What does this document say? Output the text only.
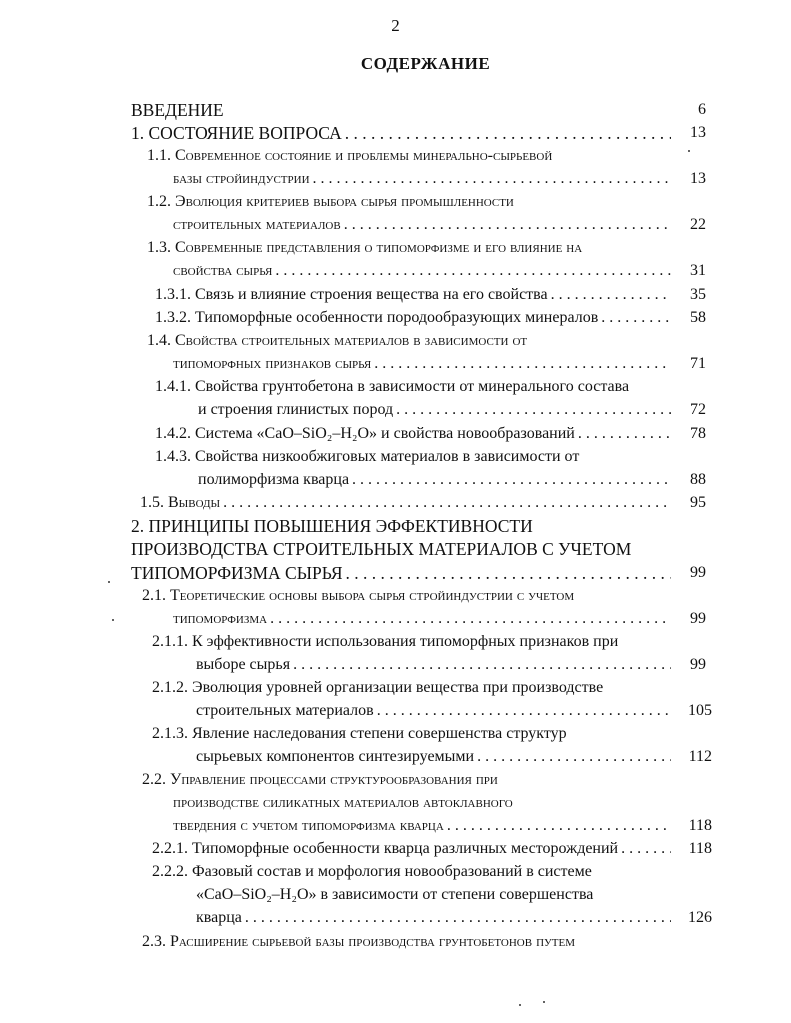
2
СОДЕРЖАНИЕ
ВВЕДЕНИЕ	6
1. СОСТОЯНИЕ ВОПРОСА . . .	13
1.1. Современное состояние и проблемы минерально-сырьевой
базы стройиндустрии . . .	13
1.2. Эволюция критериев выбора сырья промышленности
строительных материалов . . .	22
1.3. Современные представления о типоморфизме и его влияние на
свойства сырья . . .	31
1.3.1. Связь и влияние строения вещества на его свойства . . .	35
1.3.2. Типоморфные особенности породообразующих минералов . . .	58
1.4. Свойства строительных материалов в зависимости от
типоморфных признаков сырья . . .	71
1.4.1. Свойства грунтобетона в зависимости от минерального состава
и строения глинистых пород . . .	72
1.4.2. Система «CaO–SiO₂–H₂O» и свойства новообразований . . .	78
1.4.3. Свойства низкообжиговых материалов в зависимости от
полиморфизма кварца . . .	88
1.5. Выводы . . .	95
2. ПРИНЦИПЫ ПОВЫШЕНИЯ ЭФФЕКТИВНОСТИ
ПРОИЗВОДСТВА СТРОИТЕЛЬНЫХ МАТЕРИАЛОВ С УЧЕТОМ
ТИПОМОРФИЗМА СЫРЬЯ . . .	99
2.1. Теоретические основы выбора сырья стройиндустрии с учетом
типоморфизма . . .	99
2.1.1. К эффективности использования типоморфных признаков при
выборе сырья . . .	99
2.1.2. Эволюция уровней организации вещества при производстве
строительных материалов . . .	105
2.1.3. Явление наследования степени совершенства структур
сырьевых компонентов синтезируемыми . . .	112
2.2. Управление процессами структурообразования при
производстве силикатных материалов автоклавного
твердения с учетом типоморфизма кварца . . .	118
2.2.1. Типоморфные особенности кварца различных месторождений . . .	118
2.2.2. Фазовый состав и морфология новообразований в системе
«CaO–SiO₂–H₂O» в зависимости от степени совершенства
кварца . . .	126
2.3. Расширение сырьевой базы производства грунтобетонов путем
